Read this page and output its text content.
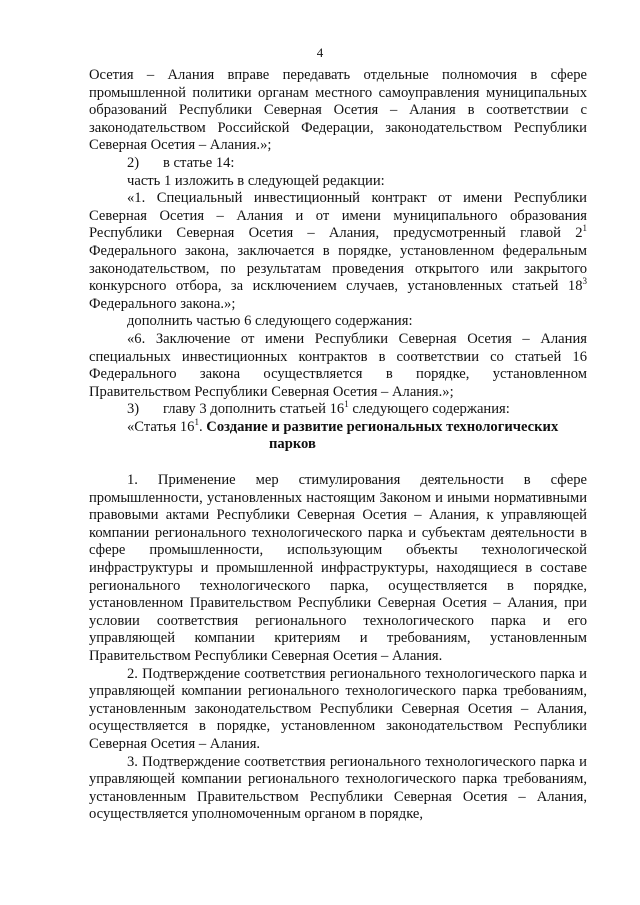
4

Осетия – Алания вправе передавать отдельные полномочия в сфере промышленной политики органам местного самоуправления муниципальных образований Республики Северная Осетия – Алания в соответствии с законодательством Российской Федерации, законодательством Республики Северная Осетия – Алания.»;

2) в статье 14:

часть 1 изложить в следующей редакции:

«1. Специальный инвестиционный контракт от имени Республики Северная Осетия – Алания и от имени муниципального образования Республики Северная Осетия – Алания, предусмотренный главой $2^1$ Федерального закона, заключается в порядке, установленном федеральным законодательством, по результатам проведения открытого или закрытого конкурсного отбора, за исключением случаев, установленных статьей $18^3$ Федерального закона.»;

дополнить частью 6 следующего содержания:

«6. Заключение от имени Республики Северная Осетия – Алания специальных инвестиционных контрактов в соответствии со статьей 16 Федерального закона осуществляется в порядке, установленном Правительством Республики Северная Осетия – Алания.»;

3) главу 3 дополнить статьей $16^1$ следующего содержания:

«Статья $16^1$. Создание и развитие региональных технологических
парков

1. Применение мер стимулирования деятельности в сфере промышленности, установленных настоящим Законом и иными нормативными правовыми актами Республики Северная Осетия – Алания, к управляющей компании регионального технологического парка и субъектам деятельности в сфере промышленности, использующим объекты технологической инфраструктуры и промышленной инфраструктуры, находящиеся в составе регионального технологического парка, осуществляется в порядке, установленном Правительством Республики Северная Осетия – Алания, при условии соответствия регионального технологического парка и его управляющей компании критериям и требованиям, установленным Правительством Республики Северная Осетия – Алания.

2. Подтверждение соответствия регионального технологического парка и управляющей компании регионального технологического парка требованиям, установленным законодательством Республики Северная Осетия – Алания, осуществляется в порядке, установленном законодательством Республики Северная Осетия – Алания.

3. Подтверждение соответствия регионального технологического парка и управляющей компании регионального технологического парка требованиям, установленным Правительством Республики Северная Осетия – Алания, осуществляется уполномоченным органом в порядке,
